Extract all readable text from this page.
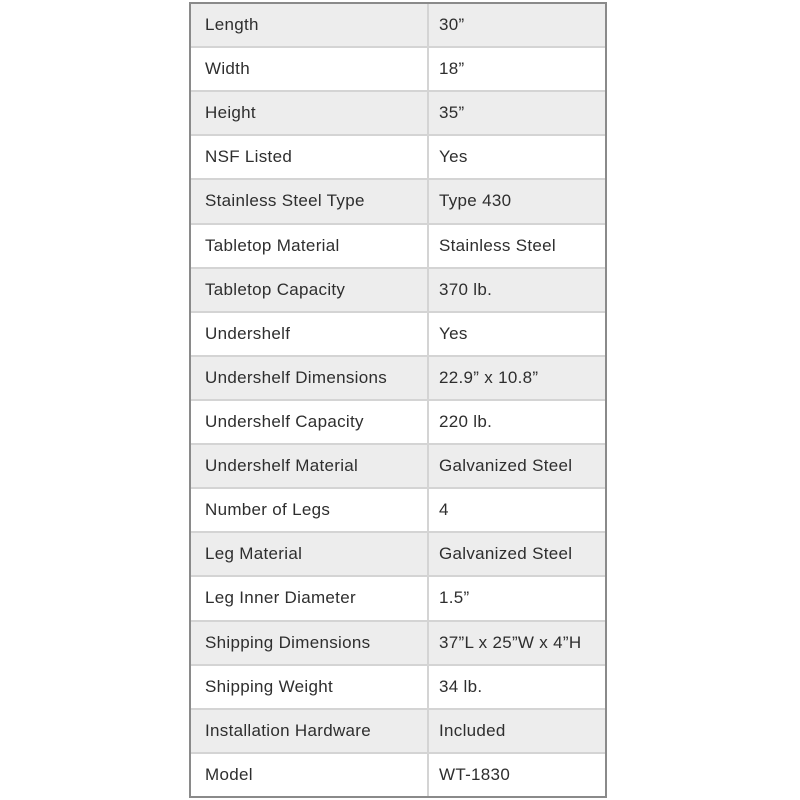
Length	30”
Width	18”
Height	35”
NSF Listed	Yes
Stainless Steel Type	Type 430
Tabletop Material	Stainless Steel
Tabletop Capacity	370 lb.
Undershelf	Yes
Undershelf Dimensions	22.9” x 10.8”
Undershelf Capacity	220 lb.
Undershelf Material	Galvanized Steel
Number of Legs	4
Leg Material	Galvanized Steel
Leg Inner Diameter	1.5”
Shipping Dimensions	37”L x 25”W x 4”H
Shipping Weight	34 lb.
Installation Hardware	Included
Model	WT-1830
